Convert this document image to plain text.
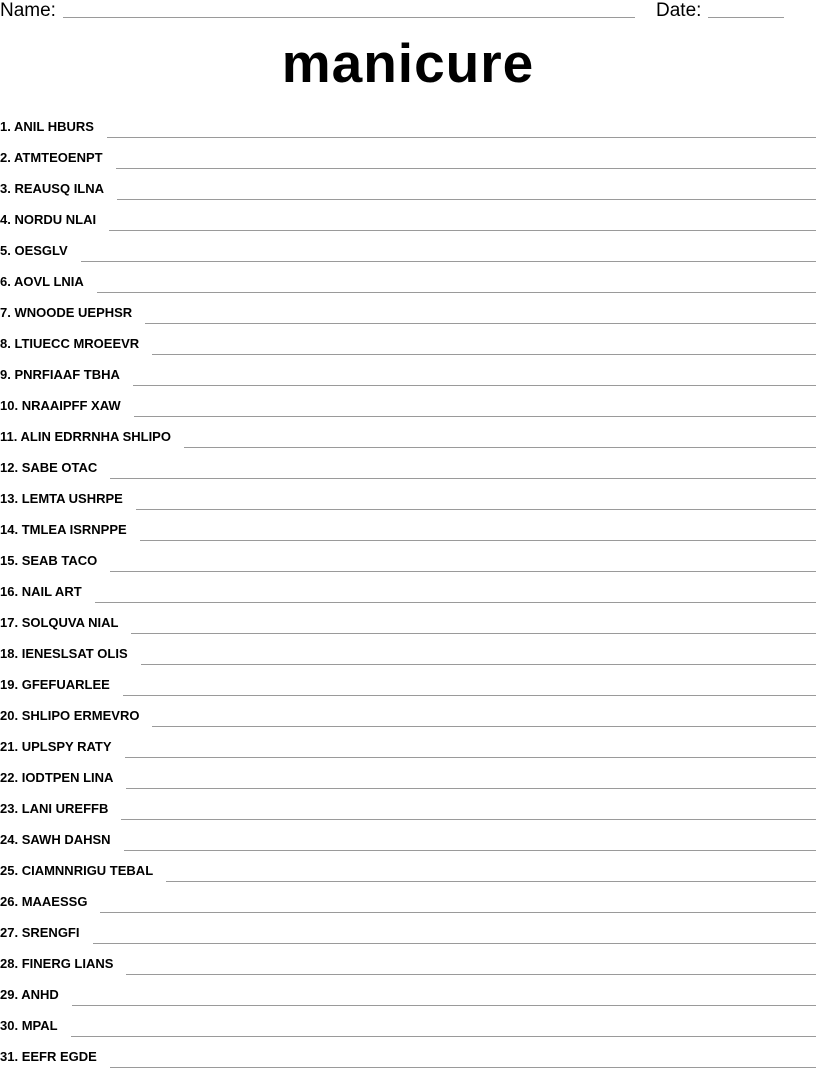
Name:	Date:
manicure
1. ANIL HBURS
2. ATMTEOENPT
3. REAUSQ ILNA
4. NORDU NLAI
5. OESGLV
6. AOVL LNIA
7. WNOODE UEPHSR
8. LTIUECC MROEEVR
9. PNRFIAAF TBHA
10. NRAAIPFF XAW
11. ALIN EDRRNHA SHLIPO
12. SABE OTAC
13. LEMTA USHRPE
14. TMLEA ISRNPPE
15. SEAB TACO
16. NAIL ART
17. SOLQUVA NIAL
18. IENESLSAT OLIS
19. GFEFUARLEE
20. SHLIPO ERMEVRO
21. UPLSPY RATY
22. IODTPEN LINA
23. LANI UREFFB
24. SAWH DAHSN
25. CIAMNNRIGU TEBAL
26. MAAESSG
27. SRENGFI
28. FINERG LIANS
29. ANHD
30. MPAL
31. EEFR EGDE
